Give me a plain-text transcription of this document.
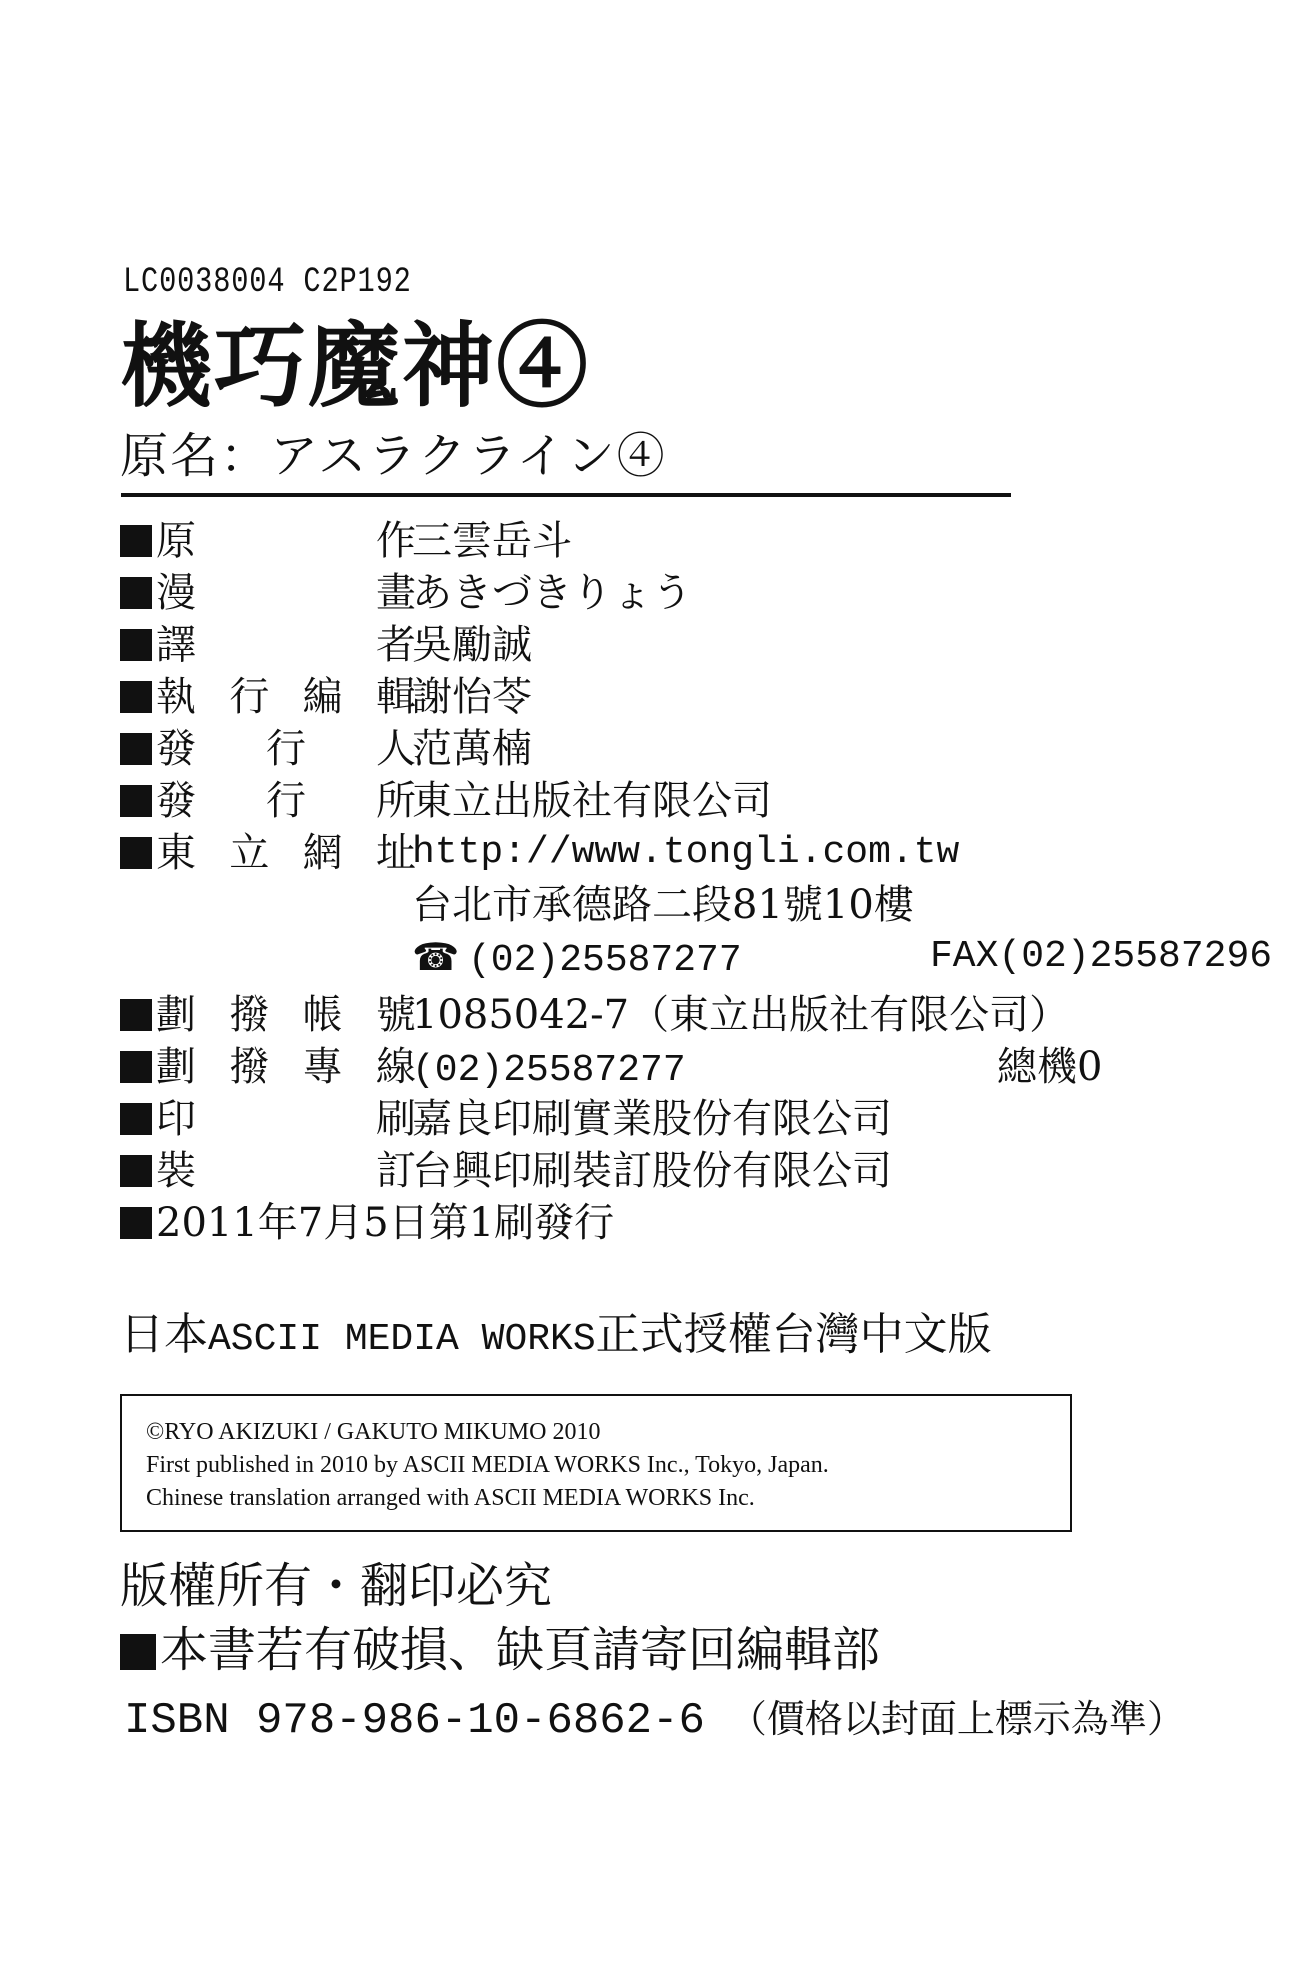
LC0038004 C2P192
機巧魔神④
原名：アスラクライン④
原　作
三雲岳斗
漫　畫
あきづきりょう
譯　者
吳勵誠
執行編輯
謝怡苓
發行人
范萬楠
發行所
東立出版社有限公司
東立網址
http://www.tongli.com.tw
台北市承德路二段81號10樓
☎ (02)25587277	FAX(02)25587296
劃撥帳號
1085042-7（東立出版社有限公司）
劃撥專線
(02)25587277	總機0
印　刷
嘉良印刷實業股份有限公司
裝　訂
台興印刷裝訂股份有限公司
2011年7月5日第1刷發行
日本ASCII MEDIA WORKS正式授權台灣中文版
©RYO AKIZUKI / GAKUTO MIKUMO 2010
First published in 2010 by ASCII MEDIA WORKS Inc., Tokyo, Japan.
Chinese translation arranged with ASCII MEDIA WORKS Inc.
版權所有・翻印必究
本書若有破損、缺頁請寄回編輯部
ISBN 978-986-10-6862-6 （價格以封面上標示為準）
